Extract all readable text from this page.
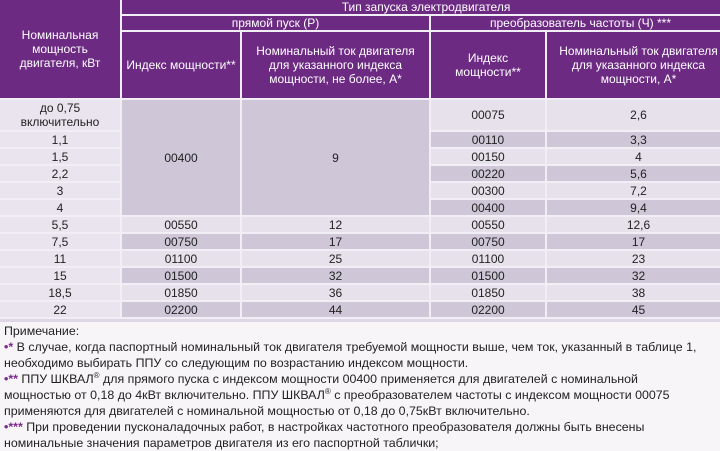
Номинальная мощность двигателя, кВт	Тип запуска электродвигателя			
	прямой пуск (Р)		преобразователь частоты (Ч) ***	
	Индекс мощности**	Номинальный ток двигателя для указанного индекса мощности, не более, А*	Индекс мощности**	Номинальный ток двигателя для указанного индекса мощности, А*
до 0,75 включительно	00400	9	00075	2,6
1,1			00110	3,3
1,5			00150	4
2,2			00220	5,6
3			00300	7,2
4			00400	9,4
5,5	00550	12	00550	12,6
7,5	00750	17	00750	17
11	01100	25	01100	23
15	01500	32	01500	32
18,5	01850	36	01850	38
22	02200	44	02200	45
Примечание:
•* В случае, когда паспортный номинальный ток двигателя требуемой мощности выше, чем ток, указанный в таблице 1,
необходимо выбирать ППУ со следующим по возрастанию индексом мощности.
•** ППУ ШКВАЛ® для прямого пуска с индексом мощности 00400 применяется для двигателей с номинальной
мощностью от 0,18 до 4кВт включительно. ППУ ШКВАЛ® с преобразователем частоты с индексом мощности 00075
применяются для двигателей с номинальной мощностью от 0,18 до 0,75кВт включительно.
•*** При проведении пусконаладочных работ, в настройках частотного преобразователя должны быть внесены
номинальные значения параметров двигателя из его паспортной таблички;
